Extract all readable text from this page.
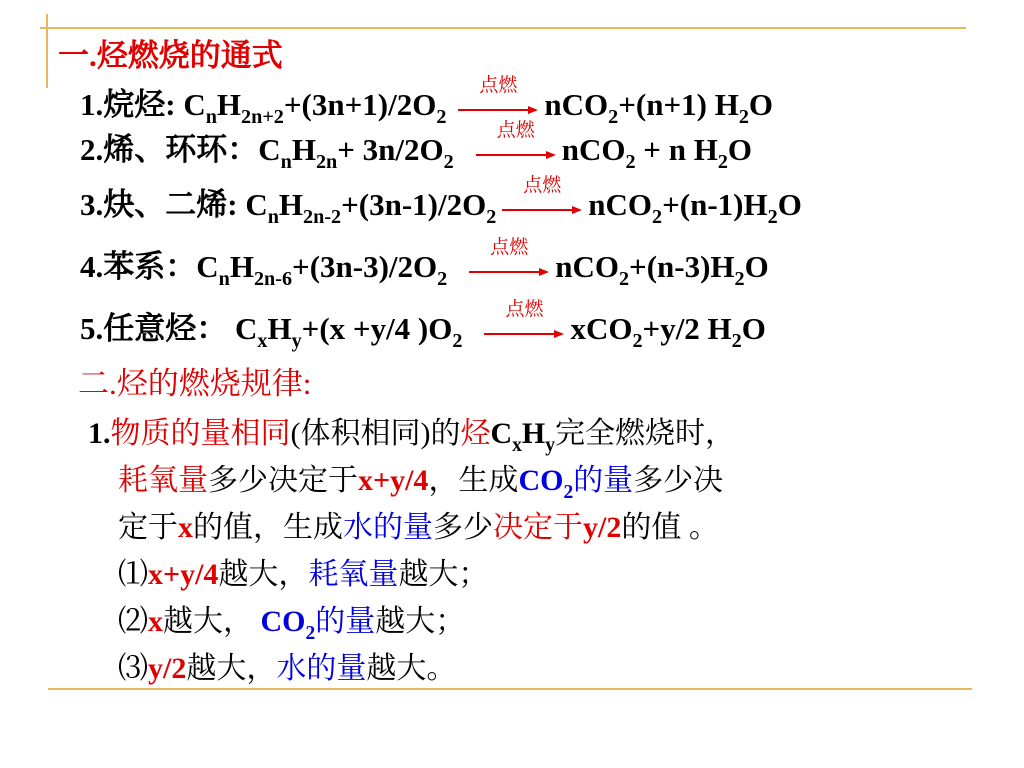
一.烃燃烧的通式
1.烷烃: $C_nH_{2n+2}+(3n+1)/2O_2$
点燃
nCO$_2$+(n+1) $H_2O$
2.烯、环环：$C_nH_{2n}+ 3n/2O_2$
点燃
nCO$_2$ + n $H_2O$
3.炔、二烯: $C_nH_{2n-2}+(3n-1)/2O_2$
点燃
$nCO_2+(n-1)H_2O$
4.苯系：$C_nH_{2n-6}+(3n-3)/2O_2$
点燃
$nCO_2+(n-3)H_2O$
5.任意烃： $C_xH_y+(x +y/4$ )$O_2$
点燃
xCO$_2$+y/2 $H_2O$
二.烃的燃烧规律:
1.物质的量相同(体积相同)的烃$C_xH_y$完全燃烧时，
耗氧量多少决定于x+y/4，生成$CO_2$的量多少决
定于x的值，生成水的量多少决定于y/2的值 。
⑴x+y/4越大，耗氧量越大；
⑵x越大， $CO_2$的量越大；
⑶y/2越大，水的量越大。
